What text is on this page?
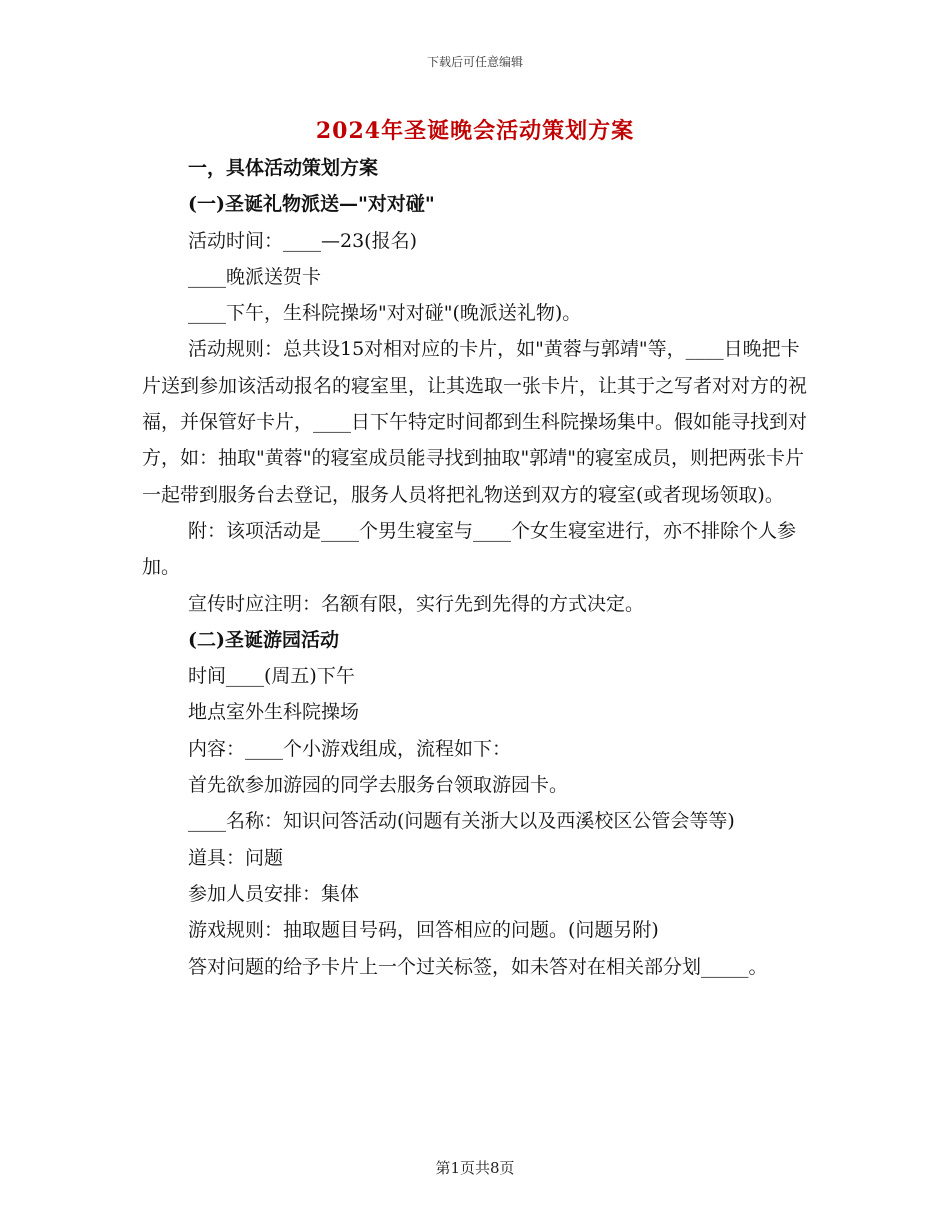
下载后可任意编辑
2024年圣诞晚会活动策划方案

一，具体活动策划方案

(一)圣诞礼物派送—"对对碰"

活动时间：____—23(报名)

____晚派送贺卡

____下午，生科院操场"对对碰"(晚派送礼物)。

活动规则：总共设15对相对应的卡片，如"黄蓉与郭靖"等，____日晚把卡片送到参加该活动报名的寝室里，让其选取一张卡片，让其于之写者对对方的祝福，并保管好卡片，____日下午特定时间都到生科院操场集中。假如能寻找到对方，如：抽取"黄蓉"的寝室成员能寻找到抽取"郭靖"的寝室成员，则把两张卡片一起带到服务台去登记，服务人员将把礼物送到双方的寝室(或者现场领取)。

附：该项活动是____个男生寝室与____个女生寝室进行，亦不排除个人参加。

宣传时应注明：名额有限，实行先到先得的方式决定。

(二)圣诞游园活动

时间____(周五)下午

地点室外生科院操场

内容：____个小游戏组成，流程如下：

首先欲参加游园的同学去服务台领取游园卡。

____名称：知识问答活动(问题有关浙大以及西溪校区公管会等等)

道具：问题

参加人员安排：集体

游戏规则：抽取题目号码，回答相应的问题。(问题另附)

答对问题的给予卡片上一个过关标签，如未答对在相关部分划_____。

第1页共8页
